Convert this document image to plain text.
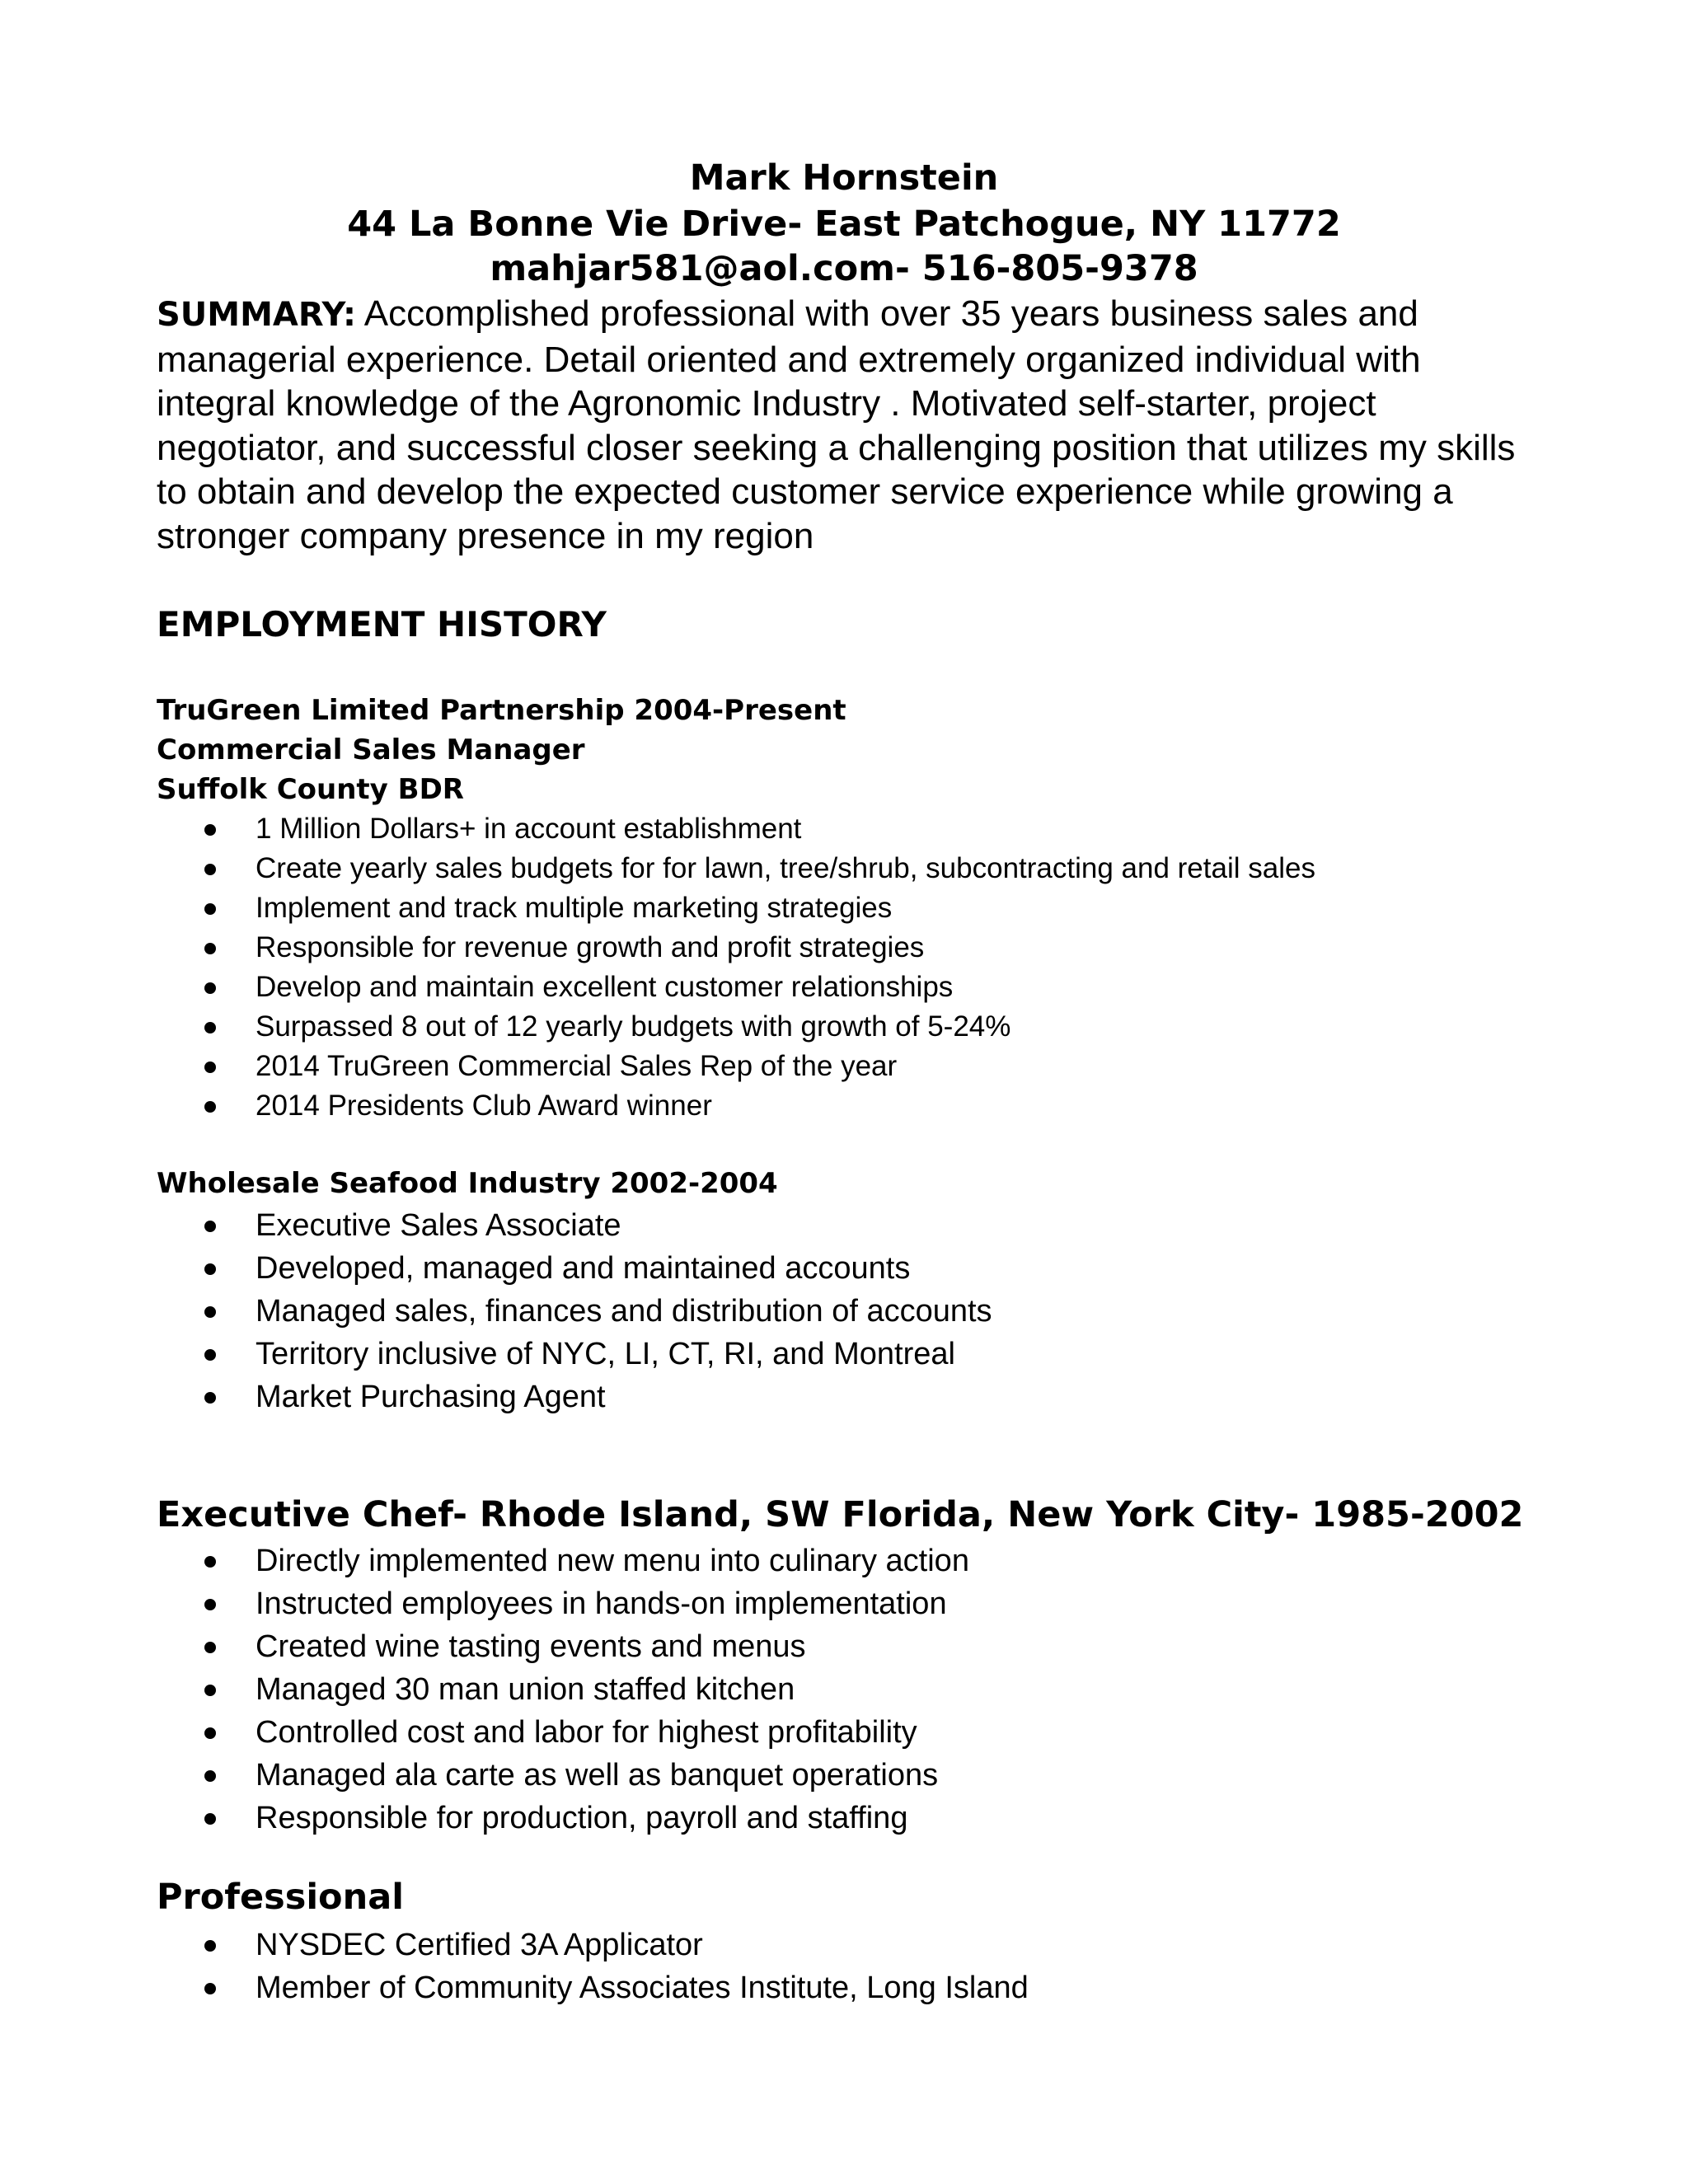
Mark Hornstein
44 La Bonne Vie Drive- East Patchogue, NY 11772
mahjar581@aol.com- 516-805-9378
SUMMARY: Accomplished professional with over 35 years business sales and managerial experience. Detail oriented and extremely organized individual with integral knowledge of the Agronomic Industry . Motivated self-starter, project negotiator, and successful closer seeking a challenging position that utilizes my skills to obtain and develop the expected customer service experience while growing a stronger company presence in my region
EMPLOYMENT HISTORY
TruGreen Limited Partnership 2004-Present
Commercial Sales Manager
Suffolk County BDR
1 Million Dollars+ in account establishment
Create yearly sales budgets for for lawn, tree/shrub, subcontracting and retail sales
Implement and track multiple marketing strategies
Responsible for revenue growth and profit strategies
Develop and maintain excellent customer relationships
Surpassed 8 out of 12 yearly budgets with growth of 5-24%
2014 TruGreen Commercial Sales Rep of the year
2014 Presidents Club Award winner
Wholesale Seafood Industry 2002-2004
Executive Sales Associate
Developed, managed and maintained accounts
Managed sales, finances and distribution of accounts
Territory inclusive of NYC, LI, CT, RI, and Montreal
Market Purchasing Agent
Executive Chef- Rhode Island, SW Florida, New York City- 1985-2002
Directly implemented new menu into culinary action
Instructed employees in hands-on implementation
Created wine tasting events and menus
Managed 30 man union staffed kitchen
Controlled cost and labor for highest profitability
Managed ala carte as well as banquet operations
Responsible for production, payroll and staffing
Professional
NYSDEC Certified 3A Applicator
Member of Community Associates Institute, Long Island
